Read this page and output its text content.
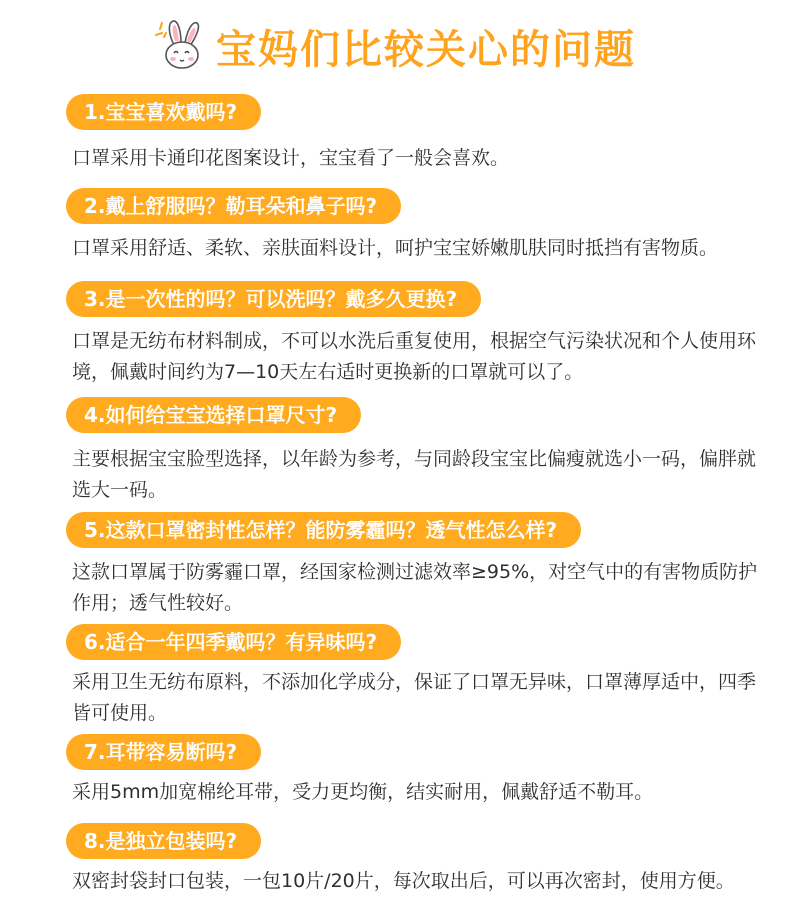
宝妈们比较关心的问题
1.宝宝喜欢戴吗?
口罩采用卡通印花图案设计，宝宝看了一般会喜欢。
2.戴上舒服吗？勒耳朵和鼻子吗?
口罩采用舒适、柔软、亲肤面料设计，呵护宝宝娇嫩肌肤同时抵挡有害物质。
3.是一次性的吗？可以洗吗？戴多久更换?
口罩是无纺布材料制成，不可以水洗后重复使用，根据空气污染状况和个人使用环境，佩戴时间约为7—10天左右适时更换新的口罩就可以了。
4.如何给宝宝选择口罩尺寸?
主要根据宝宝脸型选择，以年龄为参考，与同龄段宝宝比偏瘦就选小一码，偏胖就选大一码。
5.这款口罩密封性怎样？能防雾霾吗？透气性怎么样?
这款口罩属于防雾霾口罩，经国家检测过滤效率≥95%，对空气中的有害物质防护作用；透气性较好。
6.适合一年四季戴吗？有异味吗?
采用卫生无纺布原料，不添加化学成分，保证了口罩无异味，口罩薄厚适中，四季皆可使用。
7.耳带容易断吗?
采用5mm加宽棉纶耳带，受力更均衡，结实耐用，佩戴舒适不勒耳。
8.是独立包装吗?
双密封袋封口包装，一包10片/20片，每次取出后，可以再次密封，使用方便。
